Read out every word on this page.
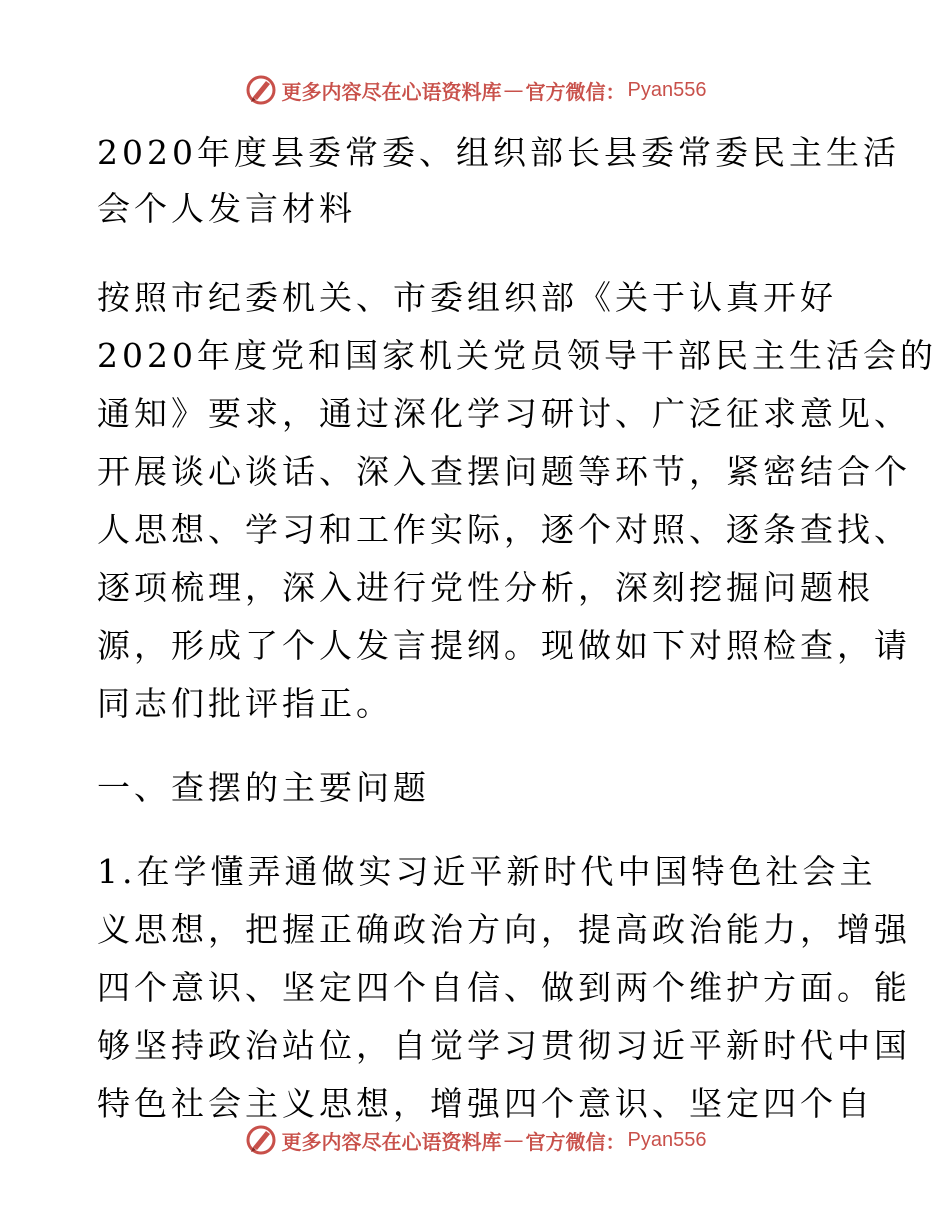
更多内容尽在心语资料库 — 官方微信： Pyan556
2020年度县委常委、组织部长县委常委民主生活
会个人发言材料
按照市纪委机关、市委组织部《关于认真开好
2020年度党和国家机关党员领导干部民主生活会的
通知》要求，通过深化学习研讨、广泛征求意见、
开展谈心谈话、深入查摆问题等环节，紧密结合个
人思想、学习和工作实际，逐个对照、逐条查找、
逐项梳理，深入进行党性分析，深刻挖掘问题根
源，形成了个人发言提纲。现做如下对照检查，请
同志们批评指正。
一、查摆的主要问题
1.在学懂弄通做实习近平新时代中国特色社会主
义思想，把握正确政治方向，提高政治能力，增强
四个意识、坚定四个自信、做到两个维护方面。能
够坚持政治站位，自觉学习贯彻习近平新时代中国
特色社会主义思想，增强四个意识、坚定四个自
更多内容尽在心语资料库 — 官方微信： Pyan556
